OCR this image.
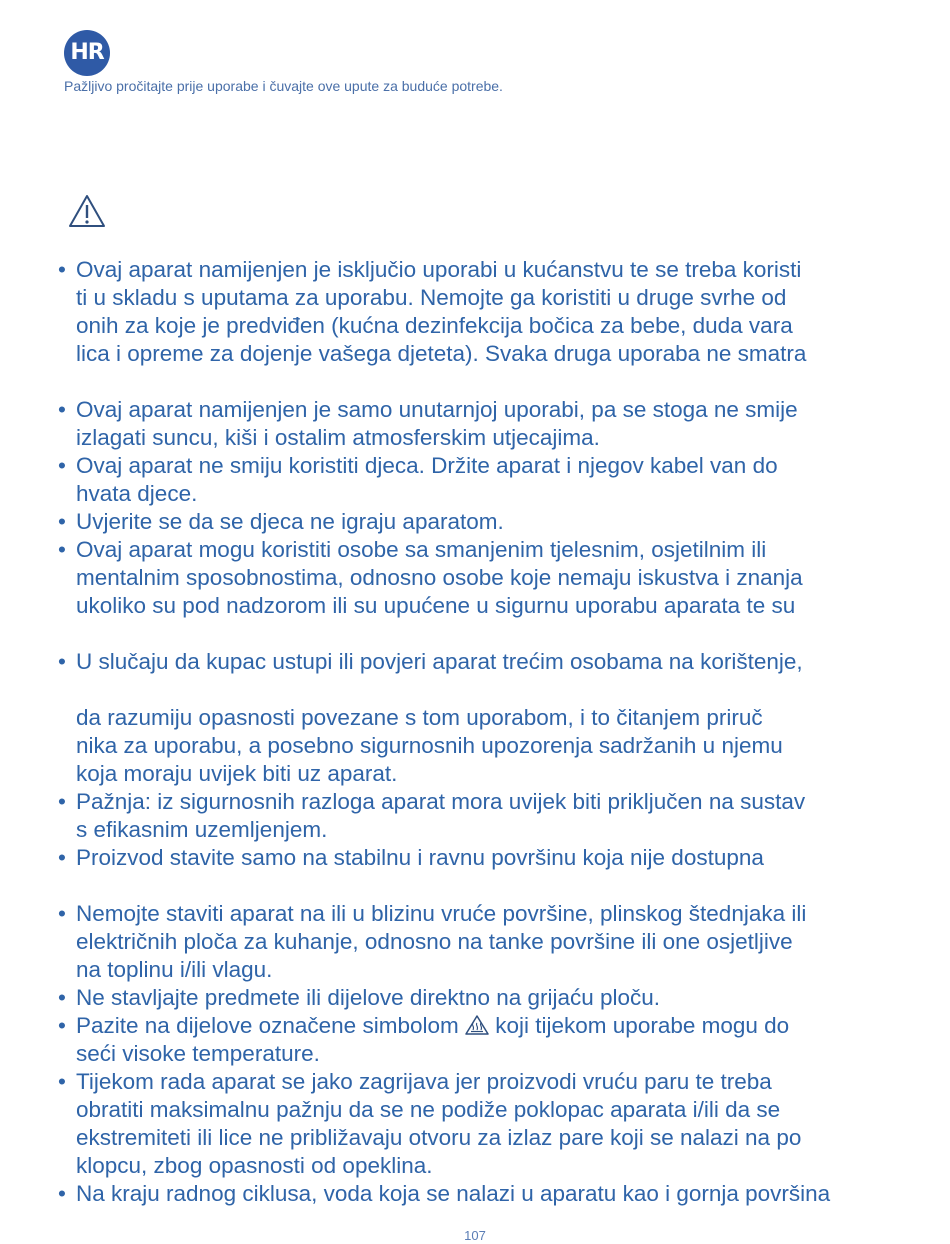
HR
Pažljivo pročitajte prije uporabe i čuvajte ove upute za buduće potrebe.
• Ovaj aparat namijenjen je isključio uporabi u kućanstvu te se treba koristi
ti u skladu s uputama za uporabu. Nemojte ga koristiti u druge svrhe od
onih za koje je predviđen (kućna dezinfekcija bočica za bebe, duda vara
lica i opreme za dojenje vašega djeteta). Svaka druga uporaba ne smatra
• Ovaj aparat namijenjen je samo unutarnjoj uporabi, pa se stoga ne smije
izlagati suncu, kiši i ostalim atmosferskim utjecajima.
• Ovaj aparat ne smiju koristiti djeca. Držite aparat i njegov kabel van do
hvata djece.
• Uvjerite se da se djeca ne igraju aparatom.
• Ovaj aparat mogu koristiti osobe sa smanjenim tjelesnim, osjetilnim ili
mentalnim sposobnostima, odnosno osobe koje nemaju iskustva i znanja
ukoliko su pod nadzorom ili su upućene u sigurnu uporabu aparata te su
• U slučaju da kupac ustupi ili povjeri aparat trećim osobama na korištenje,
da razumiju opasnosti povezane s tom uporabom, i to čitanjem priruč
nika za uporabu, a posebno sigurnosnih upozorenja sadržanih u njemu
koja moraju uvijek biti uz aparat.
• Pažnja: iz sigurnosnih razloga aparat mora uvijek biti priključen na sustav
s efikasnim uzemljenjem.
• Proizvod stavite samo na stabilnu i ravnu površinu koja nije dostupna
• Nemojte staviti aparat na ili u blizinu vruće površine, plinskog štednjaka ili
električnih ploča za kuhanje, odnosno na tanke površine ili one osjetljive
na toplinu i/ili vlagu.
• Ne stavljajte predmete ili dijelove direktno na grijaću ploču.
• Pazite na dijelove označene simbolom koji tijekom uporabe mogu do
seći visoke temperature.
• Tijekom rada aparat se jako zagrijava jer proizvodi vruću paru te treba
obratiti maksimalnu pažnju da se ne podiže poklopac aparata i/ili da se
ekstremiteti ili lice ne približavaju otvoru za izlaz pare koji se nalazi na po
klopcu, zbog opasnosti od opeklina.
• Na kraju radnog ciklusa, voda koja se nalazi u aparatu kao i gornja površina
107
